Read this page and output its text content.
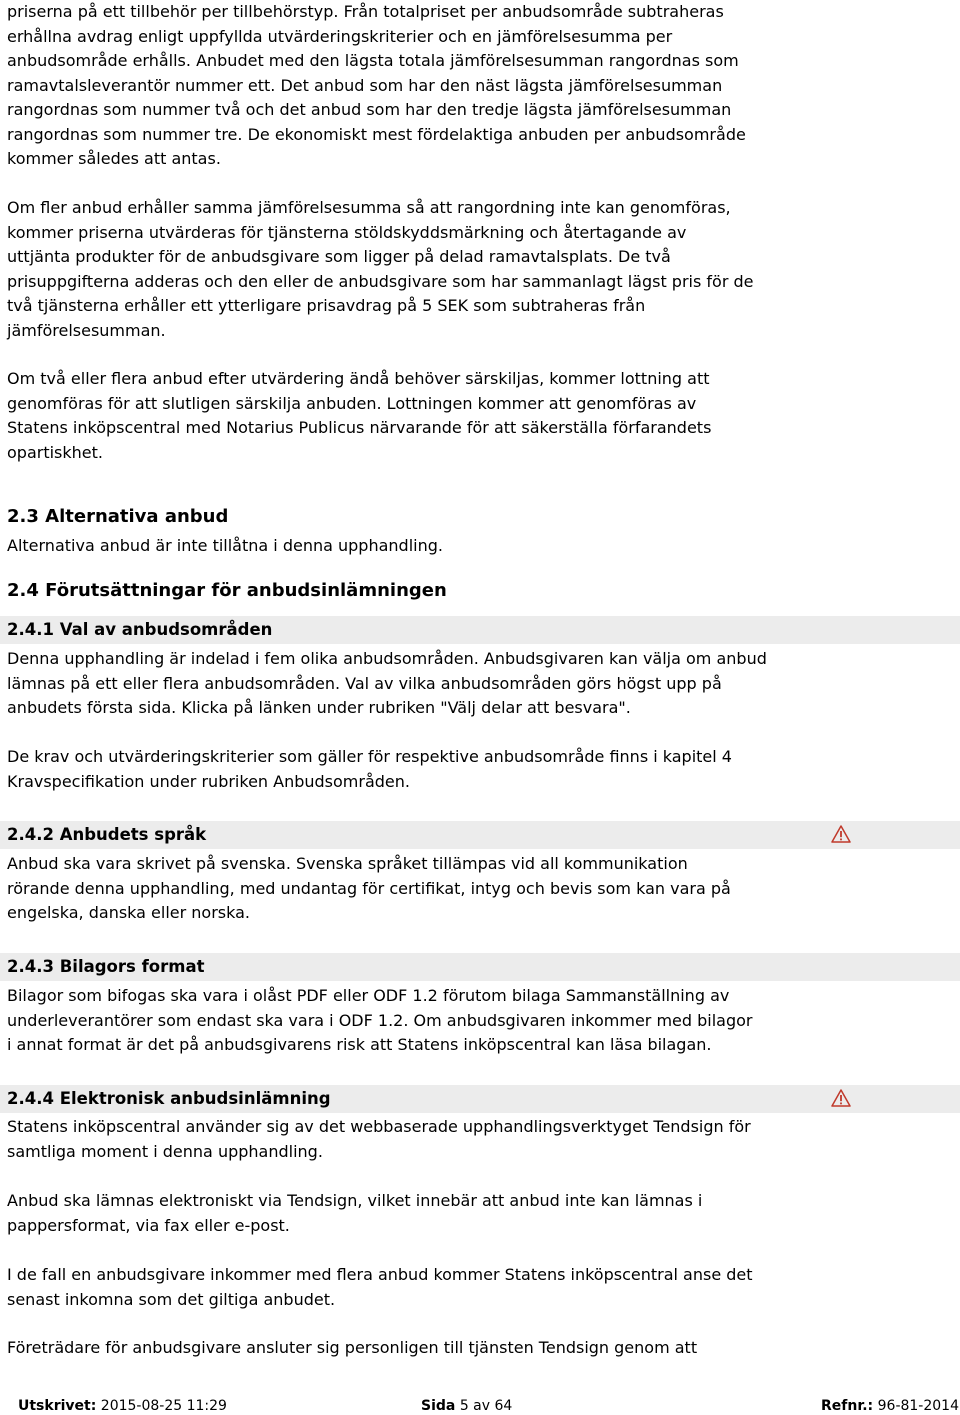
priserna på ett tillbehör per tillbehörstyp. Från totalpriset per anbudsområde subtraheras
erhållna avdrag enligt uppfyllda utvärderingskriterier och en jämförelsesumma per
anbudsområde erhålls. Anbudet med den lägsta totala jämförelsesumman rangordnas som
ramavtalsleverantör nummer ett. Det anbud som har den näst lägsta jämförelsesumman
rangordnas som nummer två och det anbud som har den tredje lägsta jämförelsesumman
rangordnas som nummer tre. De ekonomiskt mest fördelaktiga anbuden per anbudsområde
kommer således att antas.
Om fler anbud erhåller samma jämförelsesumma så att rangordning inte kan genomföras,
kommer priserna utvärderas för tjänsterna stöldskyddsmärkning och återtagande av
uttjänta produkter för de anbudsgivare som ligger på delad ramavtalsplats. De två
prisuppgifterna adderas och den eller de anbudsgivare som har sammanlagt lägst pris för de
två tjänsterna erhåller ett ytterligare prisavdrag på 5 SEK som subtraheras från
jämförelsesumman.
Om två eller flera anbud efter utvärdering ändå behöver särskiljas, kommer lottning att
genomföras för att slutligen särskilja anbuden. Lottningen kommer att genomföras av
Statens inköpscentral med Notarius Publicus närvarande för att säkerställa förfarandets
opartiskhet.
2.3 Alternativa anbud
Alternativa anbud är inte tillåtna i denna upphandling.
2.4 Förutsättningar för anbudsinlämningen
2.4.1 Val av anbudsområden
Denna upphandling är indelad i fem olika anbudsområden. Anbudsgivaren kan välja om anbud
lämnas på ett eller flera anbudsområden. Val av vilka anbudsområden görs högst upp på
anbudets första sida. Klicka på länken under rubriken "Välj delar att besvara".
De krav och utvärderingskriterier som gäller för respektive anbudsområde finns i kapitel 4
Kravspecifikation under rubriken Anbudsområden.
2.4.2 Anbudets språk
Anbud ska vara skrivet på svenska. Svenska språket tillämpas vid all kommunikation
rörande denna upphandling, med undantag för certifikat, intyg och bevis som kan vara på
engelska, danska eller norska.
2.4.3 Bilagors format
Bilagor som bifogas ska vara i olåst PDF eller ODF 1.2 förutom bilaga Sammanställning av
underleverantörer som endast ska vara i ODF 1.2. Om anbudsgivaren inkommer med bilagor
i annat format är det på anbudsgivarens risk att Statens inköpscentral kan läsa bilagan.
2.4.4 Elektronisk anbudsinlämning
Statens inköpscentral använder sig av det webbaserade upphandlingsverktyget Tendsign för
samtliga moment i denna upphandling.
Anbud ska lämnas elektroniskt via Tendsign, vilket innebär att anbud inte kan lämnas i
pappersformat, via fax eller e-post.
I de fall en anbudsgivare inkommer med flera anbud kommer Statens inköpscentral anse det
senast inkomna som det giltiga anbudet.
Företrädare för anbudsgivare ansluter sig personligen till tjänsten Tendsign genom att
Utskrivet: 2015-08-25 11:29	Sida 5 av 64	Refnr.: 96-81-2014
